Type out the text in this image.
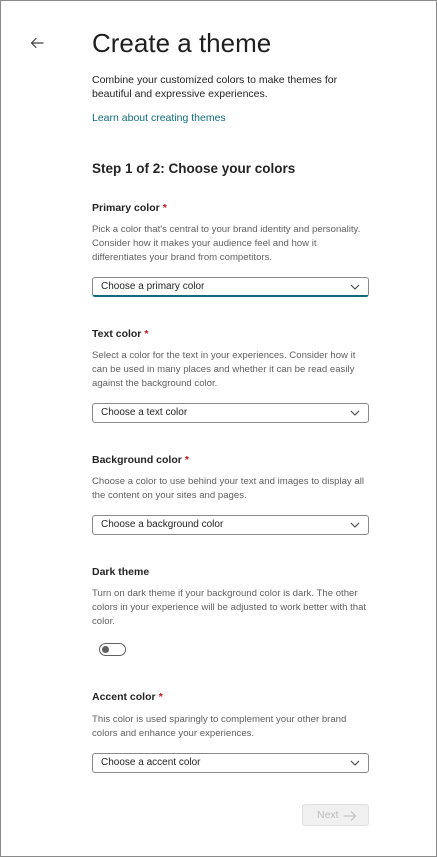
Create a theme

Combine your customized colors to make themes for beautiful and expressive experiences.

Learn about creating themes
Step 1 of 2: Choose your colors
Primary color *

Pick a color that's central to your brand identity and personality. Consider how it makes your audience feel and how it differentiates your brand from competitors.

Choose a primary color
Text color *

Select a color for the text in your experiences. Consider how it can be used in many places and whether it can be read easily against the background color.

Choose a text color
Background color *

Choose a color to use behind your text and images to display all the content on your sites and pages.

Choose a background color
Dark theme

Turn on dark theme if your background color is dark. The other colors in your experience will be adjusted to work better with that color.

Accent color *

This color is used sparingly to complement your other brand colors and enhance your experiences.

Choose a accent color
Next
